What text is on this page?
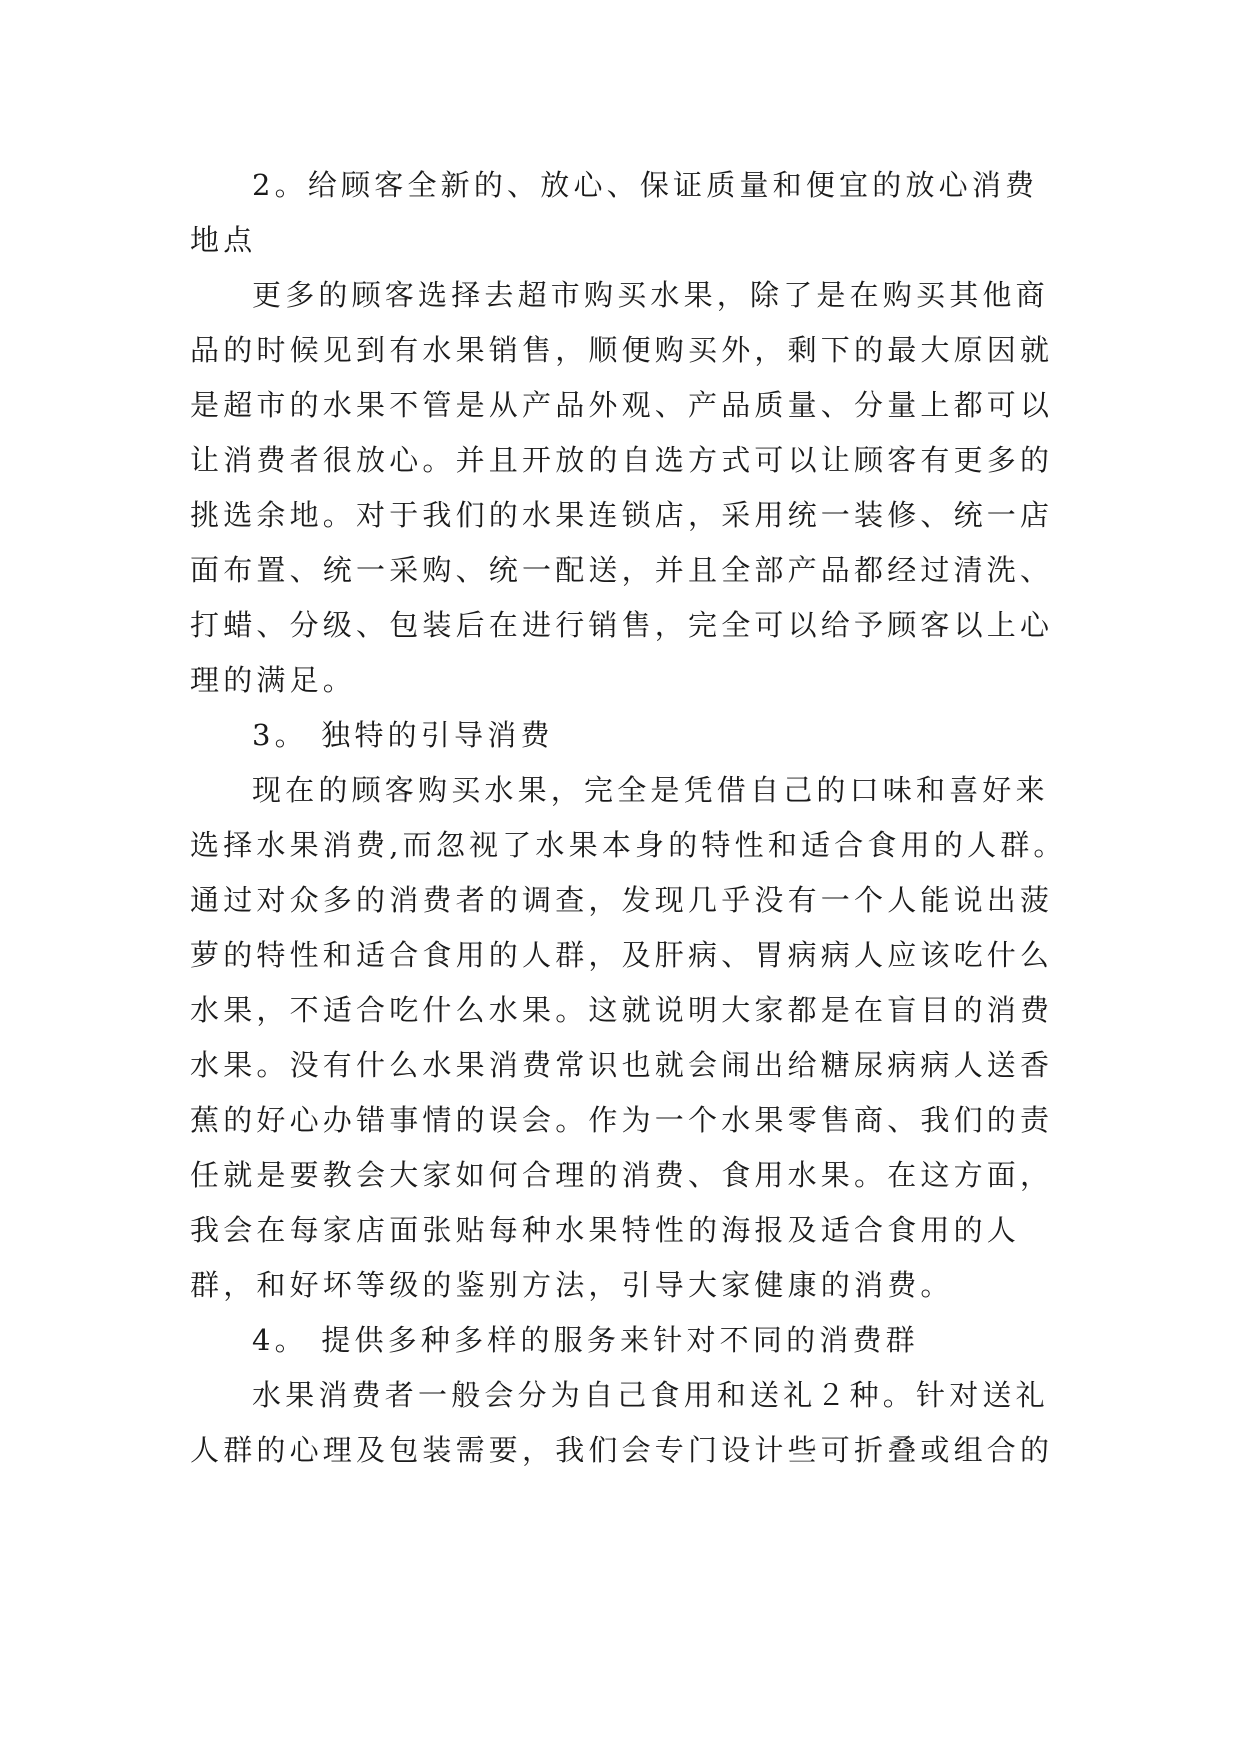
2。给顾客全新的、放心、保证质量和便宜的放心消费

地点

更多的顾客选择去超市购买水果，除了是在购买其他商

品的时候见到有水果销售，顺便购买外，剩下的最大原因就

是超市的水果不管是从产品外观、产品质量、分量上都可以

让消费者很放心。并且开放的自选方式可以让顾客有更多的

挑选余地。对于我们的水果连锁店，采用统一装修、统一店

面布置、统一采购、统一配送，并且全部产品都经过清洗、

打蜡、分级、包装后在进行销售，完全可以给予顾客以上心

理的满足。

3。 独特的引导消费

现在的顾客购买水果，完全是凭借自己的口味和喜好来

选择水果消费,而忽视了水果本身的特性和适合食用的人群。

通过对众多的消费者的调查，发现几乎没有一个人能说出菠

萝的特性和适合食用的人群，及肝病、胃病病人应该吃什么

水果，不适合吃什么水果。这就说明大家都是在盲目的消费

水果。没有什么水果消费常识也就会闹出给糖尿病病人送香

蕉的好心办错事情的误会。作为一个水果零售商、我们的责

任就是要教会大家如何合理的消费、食用水果。在这方面，

我会在每家店面张贴每种水果特性的海报及适合食用的人

群，和好坏等级的鉴别方法，引导大家健康的消费。

4。 提供多种多样的服务来针对不同的消费群

水果消费者一般会分为自己食用和送礼２种。针对送礼

人群的心理及包装需要，我们会专门设计些可折叠或组合的
